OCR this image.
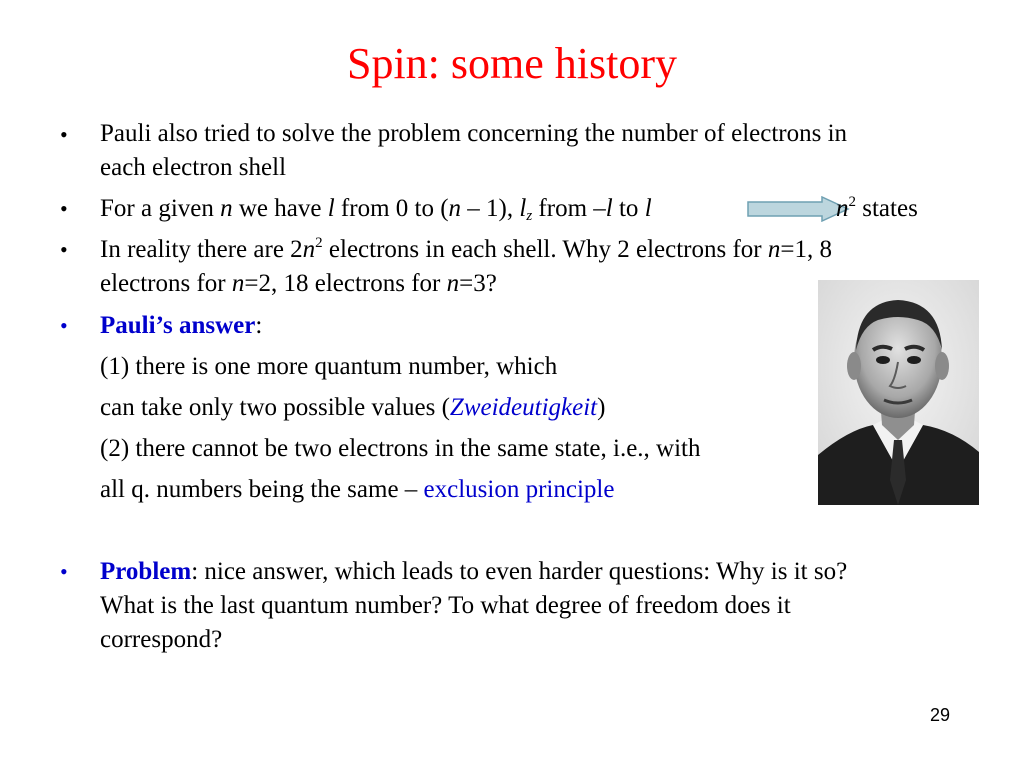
Spin: some history
• Pauli also tried to solve the problem concerning the number of electrons in
each electron shell
• For a given n we have l from 0 to (n – 1), $l_z$ from –l to l	$n^2$ states
• In reality there are $2n^2$ electrons in each shell. Why 2 electrons for n=1, 8
electrons for n=2, 18 electrons for n=3?
• Pauli’s answer:
(1) there is one more quantum number, which
can take only two possible values (Zweideutigkeit)
(2) there cannot be two electrons in the same state, i.e., with
all q. numbers being the same – exclusion principle
• Problem: nice answer, which leads to even harder questions: Why is it so?
What is the last quantum number? To what degree of freedom does it
correspond?
29
